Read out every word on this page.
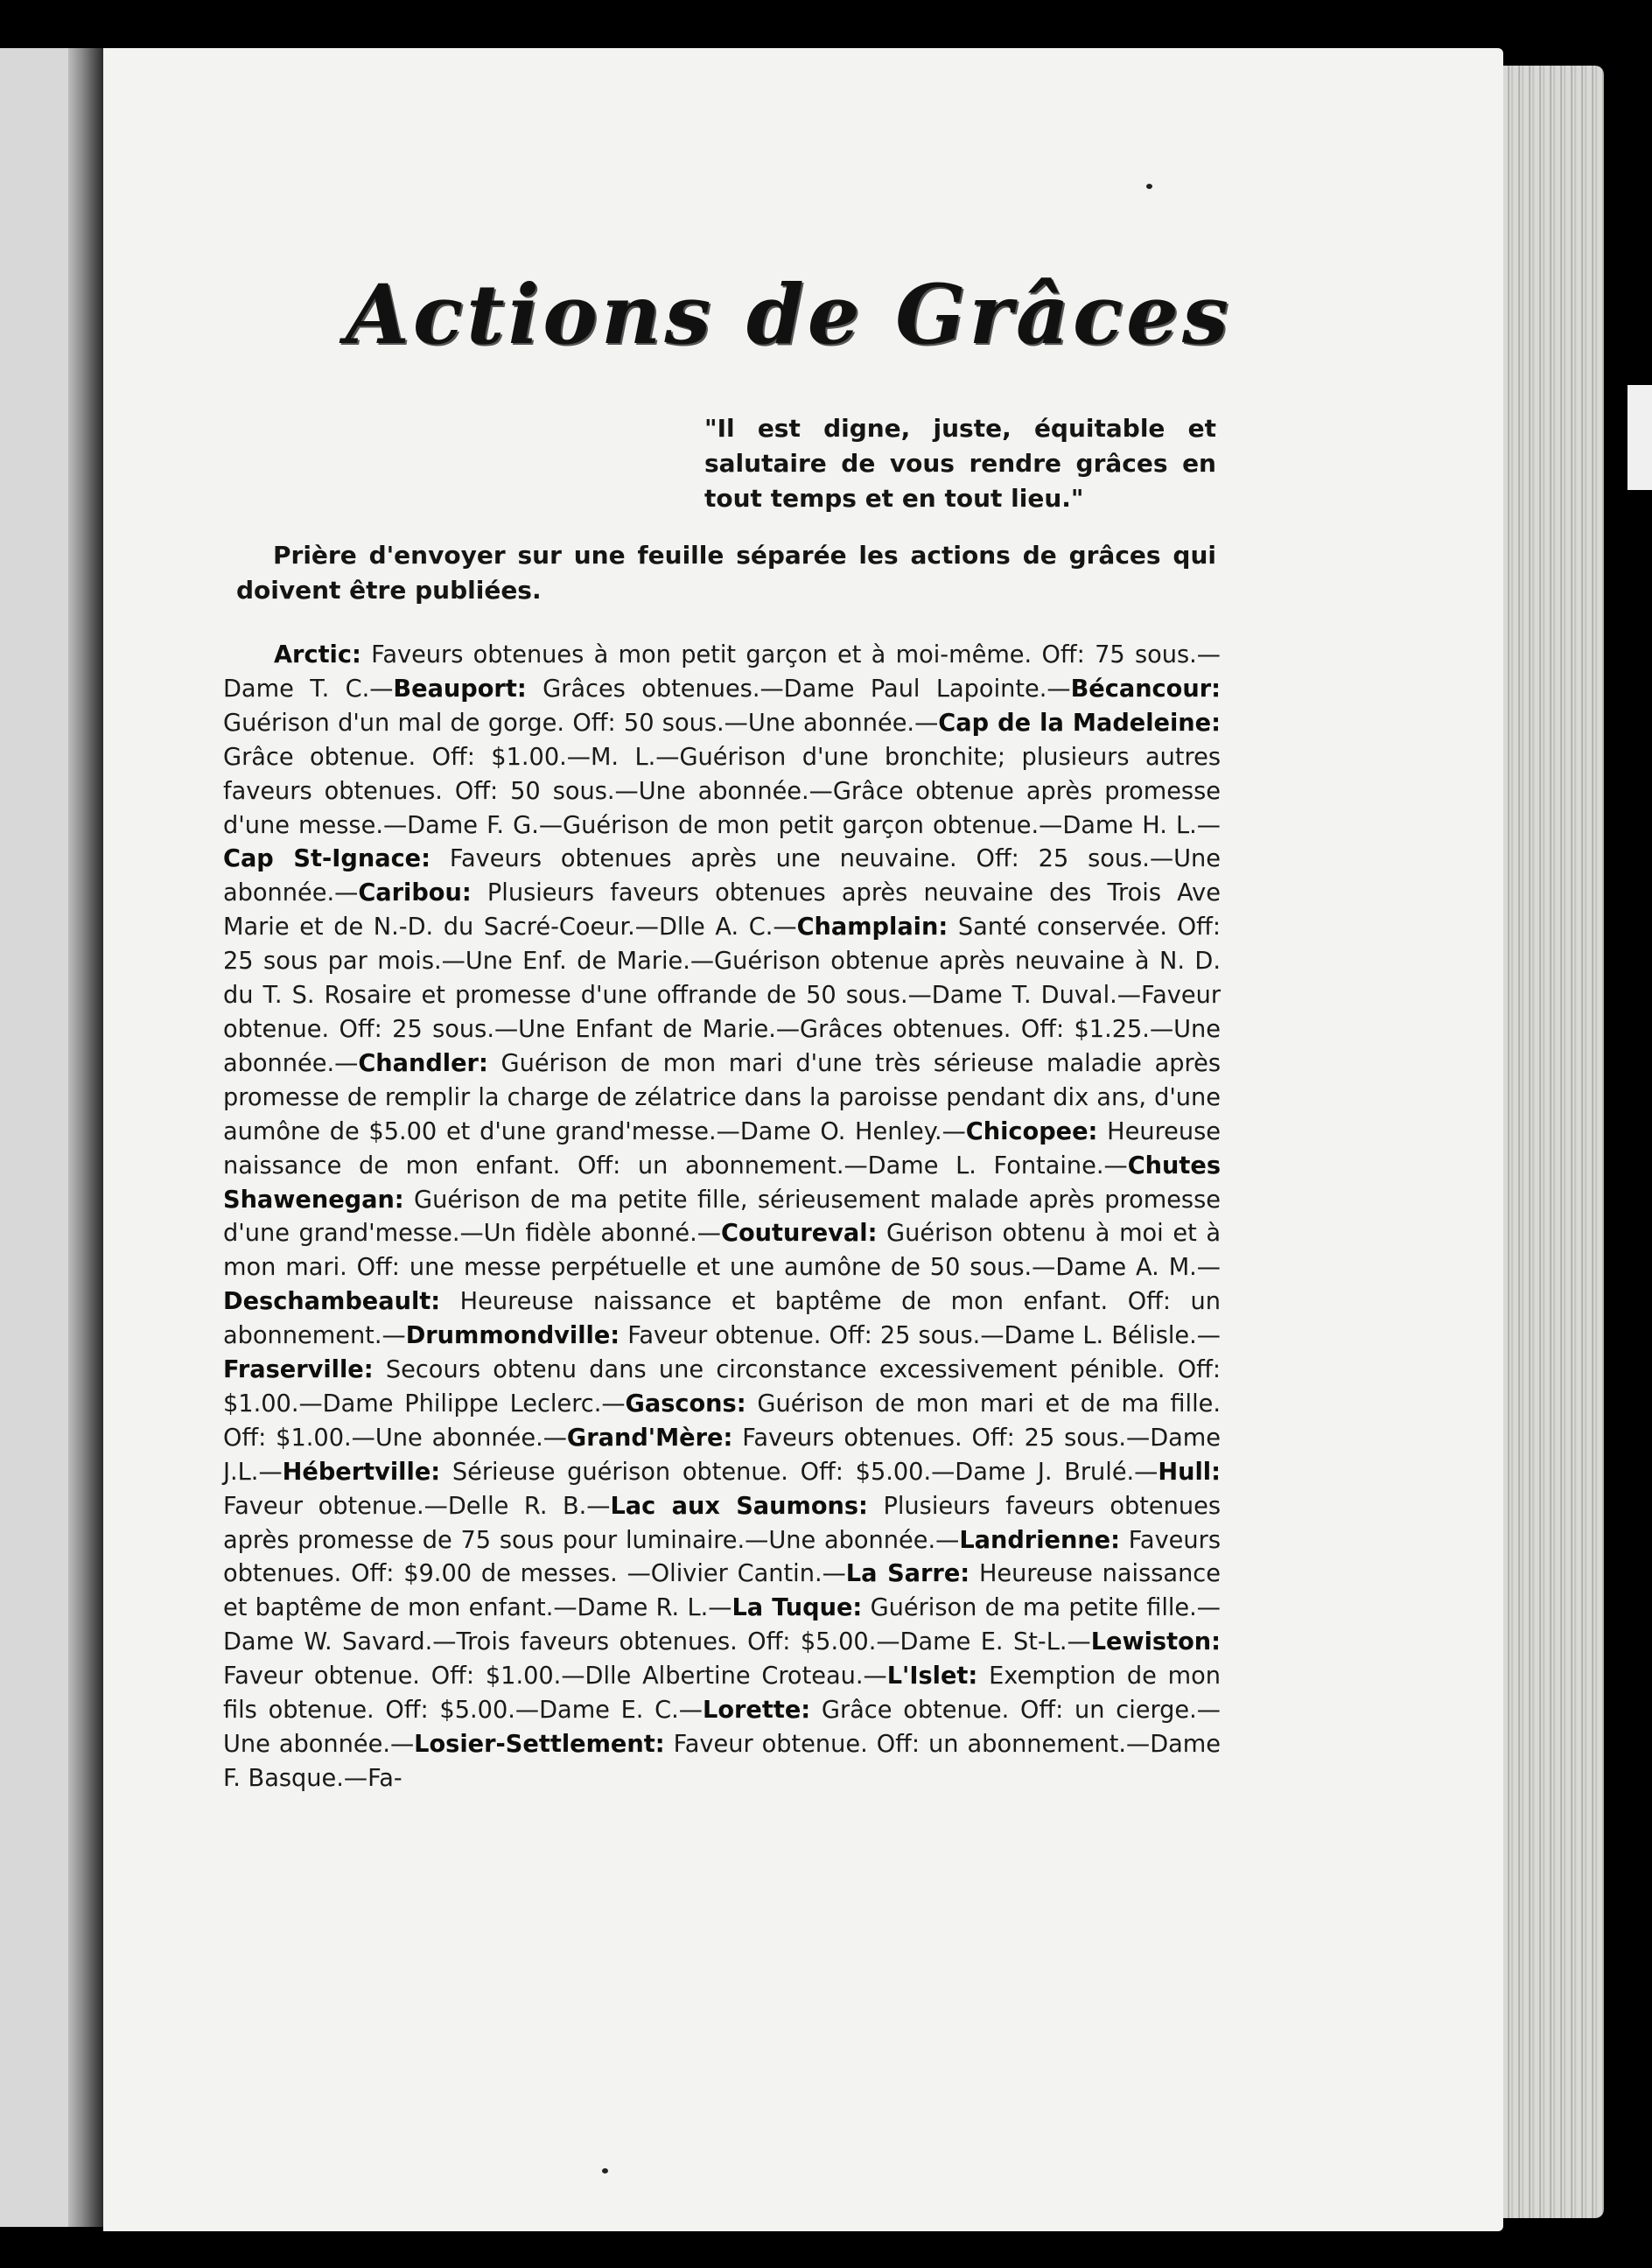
Actions de Grâces
"Il est digne, juste, équitable et salutaire de vous rendre grâces en tout temps et en tout lieu."
Prière d'envoyer sur une feuille séparée les actions de grâces qui doivent être publiées.
Arctic: Faveurs obtenues à mon petit garçon et à moi-même. Off: 75 sous.—Dame T. C.—Beauport: Grâces obtenues.—Dame Paul Lapointe.—Bécancour: Guérison d'un mal de gorge. Off: 50 sous.—Une abonnée.—Cap de la Madeleine: Grâce obtenue. Off: $1.00.—M. L.—Guérison d'une bronchite; plusieurs autres faveurs obtenues. Off: 50 sous.—Une abonnée.—Grâce obtenue après promesse d'une messe.—Dame F. G.—Guérison de mon petit garçon obtenue.—Dame H. L.—Cap St-Ignace: Faveurs obtenues après une neuvaine. Off: 25 sous.—Une abonnée.—Caribou: Plusieurs faveurs obtenues après neuvaine des Trois Ave Marie et de N.-D. du Sacré-Coeur.—Dlle A. C.—Champlain: Santé conservée. Off: 25 sous par mois.—Une Enf. de Marie.—Guérison obtenue après neuvaine à N. D. du T. S. Rosaire et promesse d'une offrande de 50 sous.—Dame T. Duval.—Faveur obtenue. Off: 25 sous.—Une Enfant de Marie.—Grâces obtenues. Off: $1.25.—Une abonnée.—Chandler: Guérison de mon mari d'une très sérieuse maladie après promesse de remplir la charge de zélatrice dans la paroisse pendant dix ans, d'une aumône de $5.00 et d'une grand'messe.—Dame O. Henley.—Chicopee: Heureuse naissance de mon enfant. Off: un abonnement.—Dame L. Fontaine.—Chutes Shawenegan: Guérison de ma petite fille, sérieusement malade après promesse d'une grand'messe.—Un fidèle abonné.—Coutureval: Guérison obtenu à moi et à mon mari. Off: une messe perpétuelle et une aumône de 50 sous.—Dame A. M.—Deschambeault: Heureuse naissance et baptême de mon enfant. Off: un abonnement.—Drummondville: Faveur obtenue. Off: 25 sous.—Dame L. Bélisle.—Fraserville: Secours obtenu dans une circonstance excessivement pénible. Off: $1.00.—Dame Philippe Leclerc.—Gascons: Guérison de mon mari et de ma fille. Off: $1.00.—Une abonnée.—Grand'Mère: Faveurs obtenues. Off: 25 sous.—Dame J.L.—Hébertville: Sérieuse guérison obtenue. Off: $5.00.—Dame J. Brulé.—Hull: Faveur obtenue.—Delle R. B.—Lac aux Saumons: Plusieurs faveurs obtenues après promesse de 75 sous pour luminaire.—Une abonnée.—Landrienne: Faveurs obtenues. Off: $9.00 de messes. —Olivier Cantin.—La Sarre: Heureuse naissance et baptême de mon enfant.—Dame R. L.—La Tuque: Guérison de ma petite fille.—Dame W. Savard.—Trois faveurs obtenues. Off: $5.00.—Dame E. St-L.—Lewiston: Faveur obtenue. Off: $1.00.—Dlle Albertine Croteau.—L'Islet: Exemption de mon fils obtenue. Off: $5.00.—Dame E. C.—Lorette: Grâce obtenue. Off: un cierge.—Une abonnée.—Losier-Settlement: Faveur obtenue. Off: un abonnement.—Dame F. Basque.—Fa-
